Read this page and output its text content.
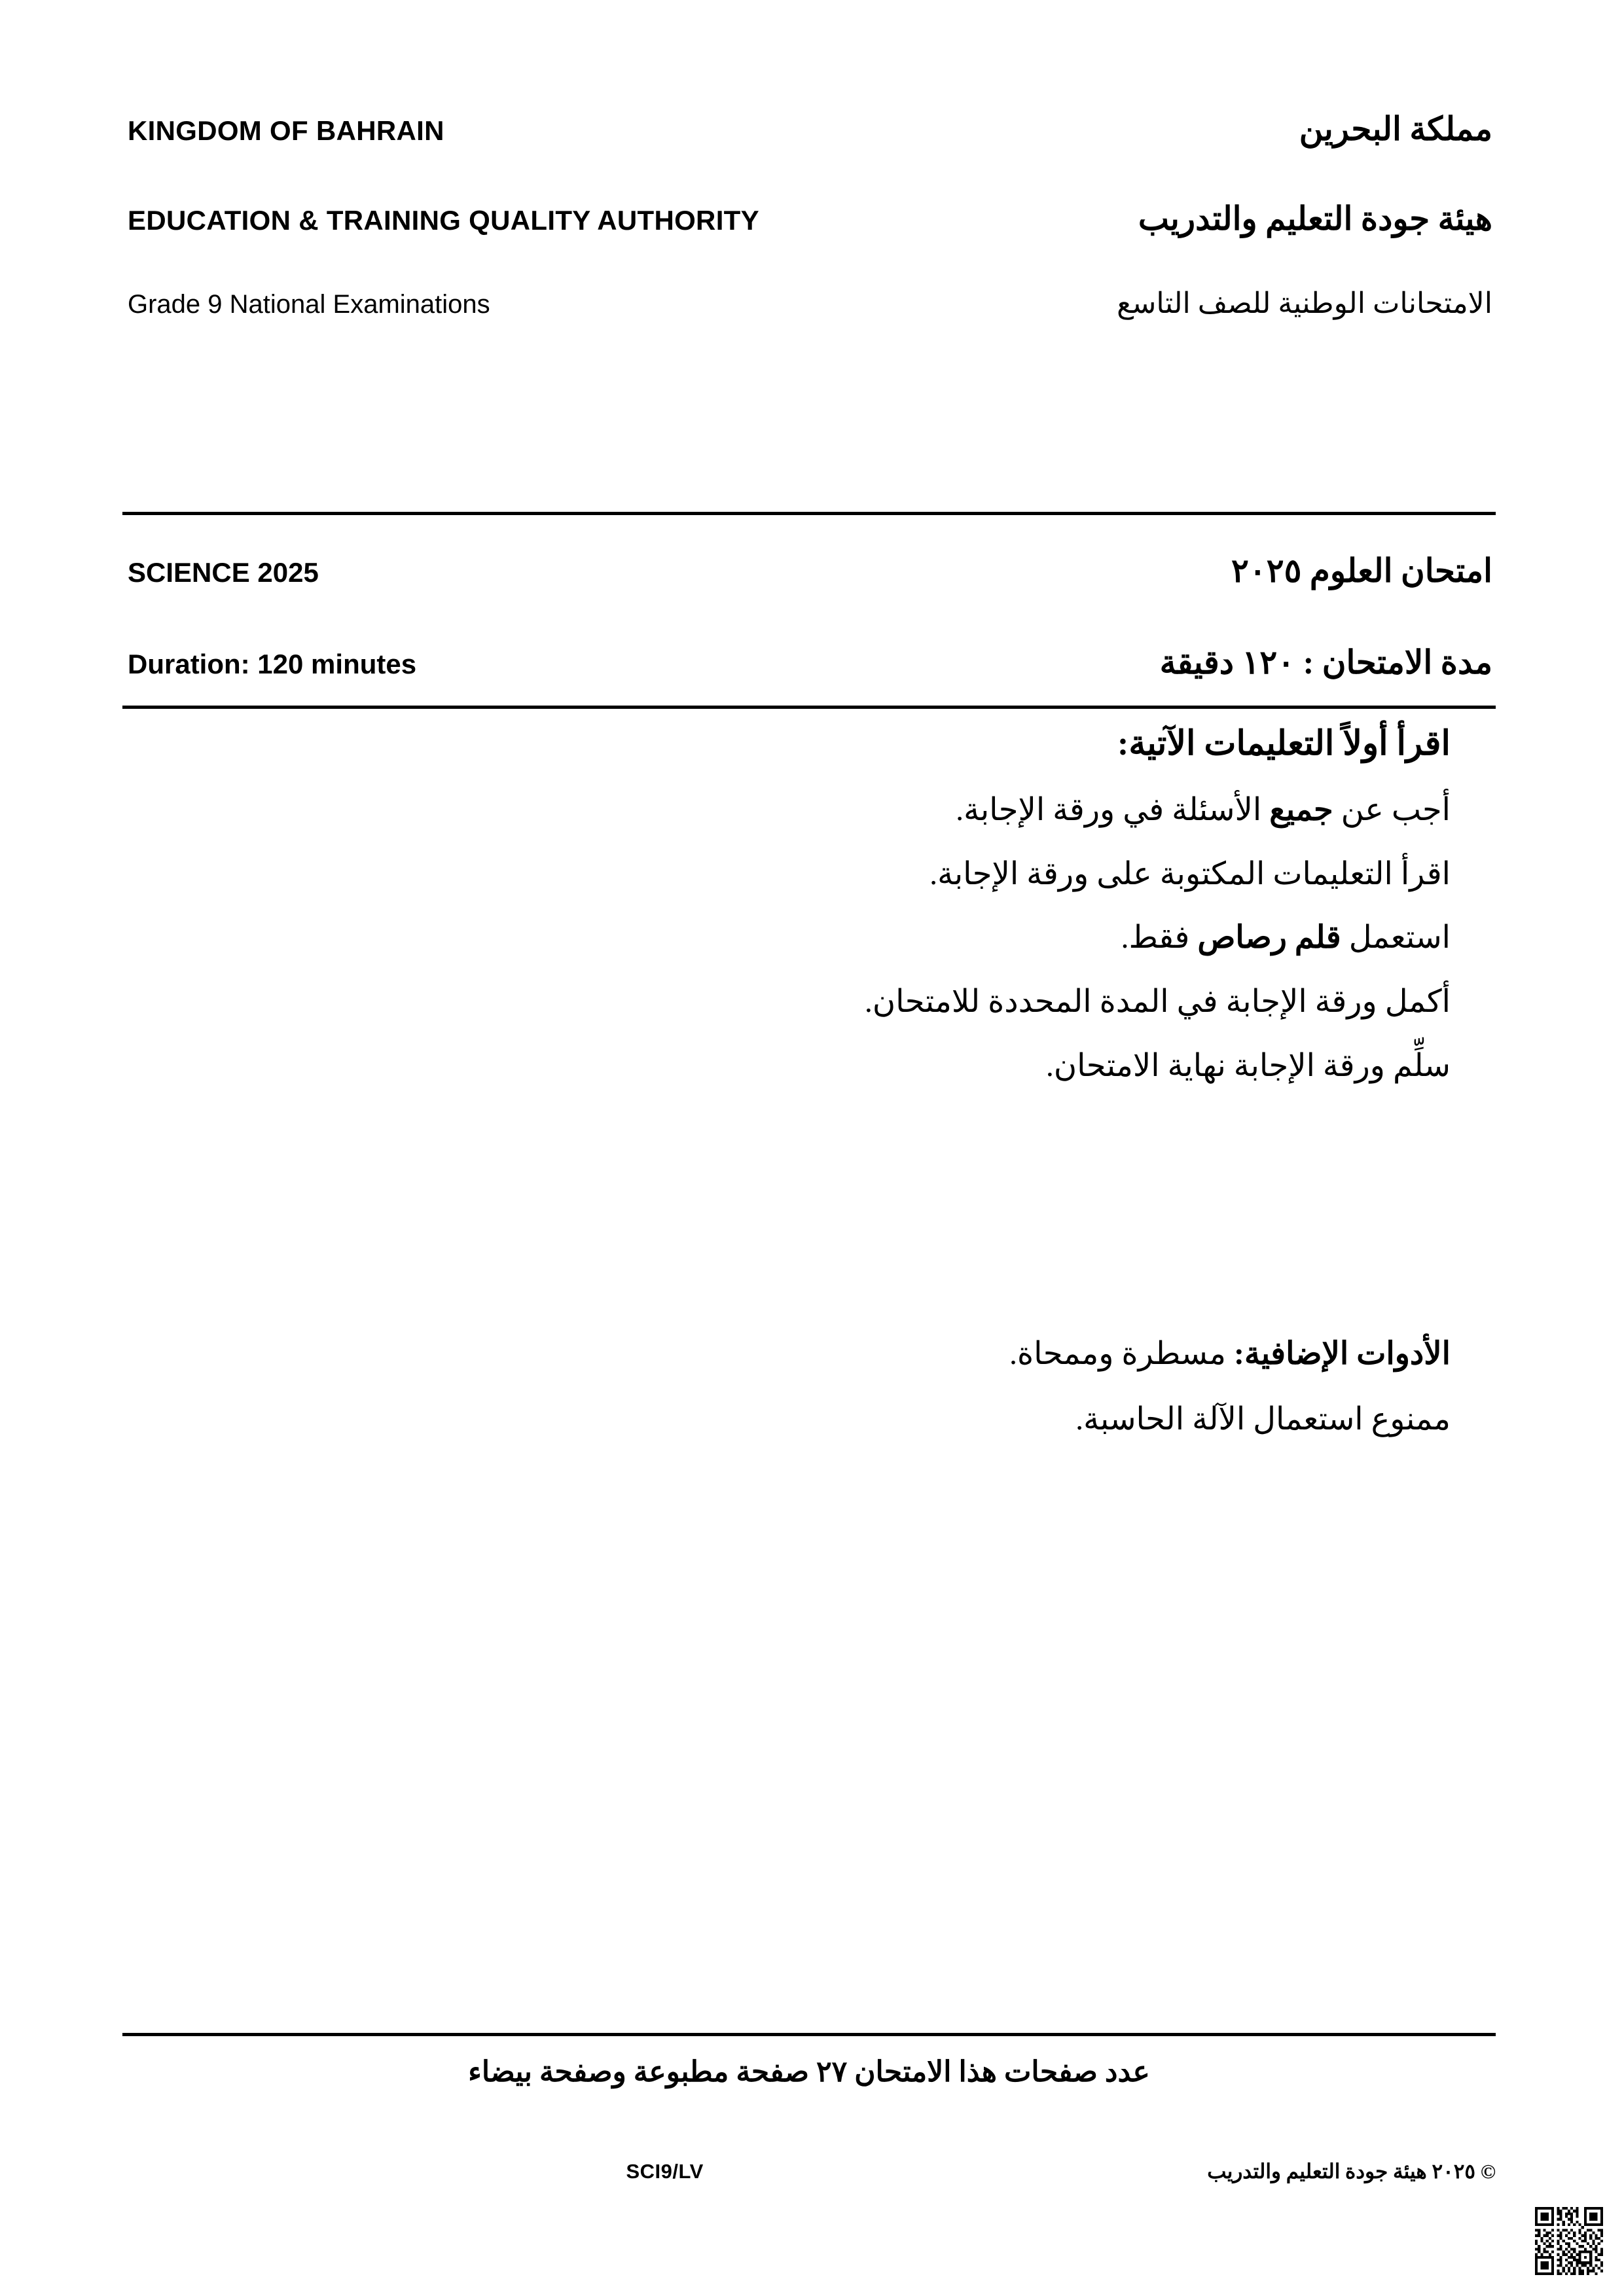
KINGDOM OF BAHRAIN	مملكة البحرين
EDUCATION & TRAINING QUALITY AUTHORITY	هيئة جودة التعليم والتدريب
Grade 9 National Examinations	الامتحانات الوطنية للصف التاسع
SCIENCE 2025	امتحان العلوم ٢٠٢٥
Duration: 120 minutes	مدة الامتحان : ١٢٠ دقيقة

اقرأ أولاً التعليمات الآتية:

أجب عن جميع الأسئلة في ورقة الإجابة.

اقرأ التعليمات المكتوبة على ورقة الإجابة.

استعمل قلم رصاص فقط.

أكمل ورقة الإجابة في المدة المحددة للامتحان.

سلِّم ورقة الإجابة نهاية الامتحان.

الأدوات الإضافية: مسطرة وممحاة.

ممنوع استعمال الآلة الحاسبة.

عدد صفحات هذا الامتحان ٢٧ صفحة مطبوعة وصفحة بيضاء
SCI9/LV	© ٢٠٢٥ هيئة جودة التعليم والتدريب
